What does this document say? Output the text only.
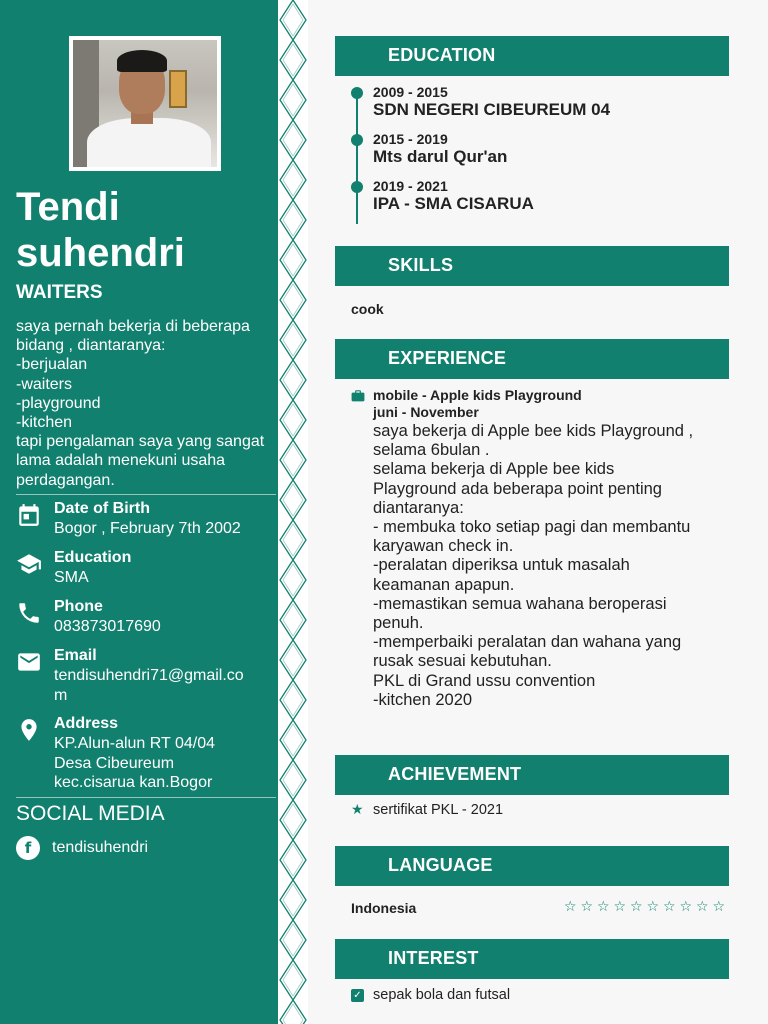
Tendi suhendri
WAITERS
saya pernah bekerja di beberapa bidang , diantaranya:
-berjualan
-waiters
-playground
-kitchen
tapi pengalaman saya yang sangat lama adalah menekuni usaha perdagangan.
Date of Birth
Bogor , February 7th 2002
Education
SMA
Phone
083873017690
Email
tendisuhendri71@gmail.co
m
Address
KP.Alun-alun RT 04/04
Desa Cibeureum
kec.cisarua kan.Bogor
SOCIAL MEDIA
f	tendisuhendri
EDUCATION
2009 - 2015
SDN NEGERI CIBEUREUM 04
2015 - 2019
Mts darul Qur'an
2019 - 2021
IPA - SMA CISARUA
SKILLS
cook
EXPERIENCE
mobile - Apple kids Playground
juni - November
saya bekerja di Apple bee kids Playground ,
selama 6bulan .
selama bekerja di Apple bee kids
Playground ada beberapa point penting
diantaranya:
- membuka toko setiap pagi dan membantu
karyawan check in.
-peralatan diperiksa untuk masalah
keamanan apapun.
-memastikan semua wahana beroperasi
penuh.
-memperbaiki peralatan dan wahana yang
rusak sesuai kebutuhan.
PKL di Grand ussu convention
-kitchen 2020
ACHIEVEMENT
★ sertifikat PKL - 2021
LANGUAGE
Indonesia	☆ ☆ ☆ ☆ ☆ ☆ ☆ ☆ ☆ ☆
INTEREST
✓ sepak bola dan futsal
